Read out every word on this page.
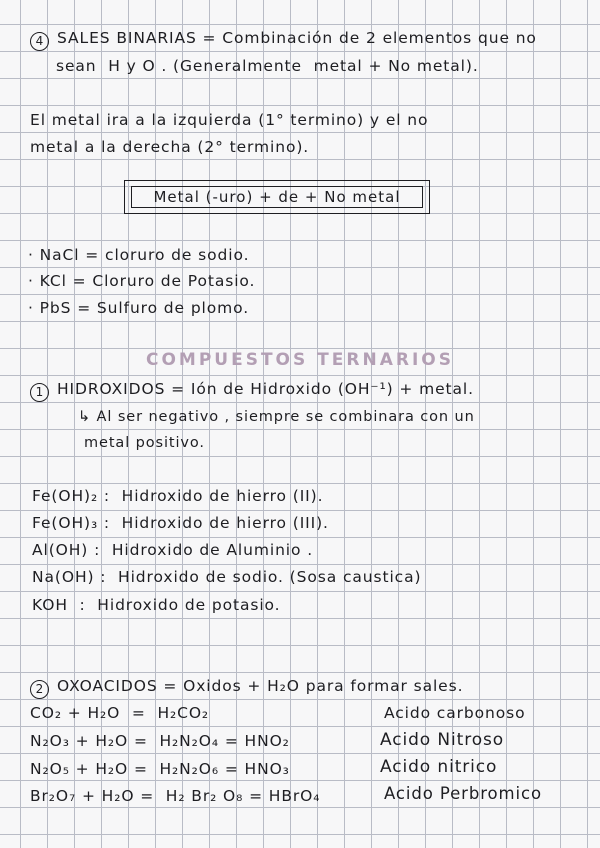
4 SALES BINARIAS = Combinación de 2 elementos que no
sean  H y O . (Generalmente  metal + No metal).
El metal ira a la izquierda (1° termino) y el no
metal a la derecha (2° termino).
Metal (-uro) + de + No metal
· NaCl = cloruro de sodio.
· KCl = Cloruro de Potasio.
· PbS = Sulfuro de plomo.
COMPUESTOS TERNARIOS
1 HIDROXIDOS = Ión de Hidroxido (OH⁻¹) + metal.
↳ Al ser negativo , siempre se combinara con un
metal positivo.
Fe(OH)₂ :  Hidroxido de hierro (II).
Fe(OH)₃ :  Hidroxido de hierro (III).
Al(OH) :  Hidroxido de Aluminio .
Na(OH) :  Hidroxido de sodio. (Sosa caustica)
KOH  :  Hidroxido de potasio.
2 OXOACIDOS = Oxidos + H₂O para formar sales.
CO₂ + H₂O  =  H₂CO₂	Acido carbonoso
N₂O₃ + H₂O =  H₂N₂O₄ = HNO₂	Acido Nitroso
N₂O₅ + H₂O =  H₂N₂O₆ = HNO₃	Acido nitrico
Br₂O₇ + H₂O =  H₂ Br₂ O₈ = HBrO₄	Acido Perbromico
